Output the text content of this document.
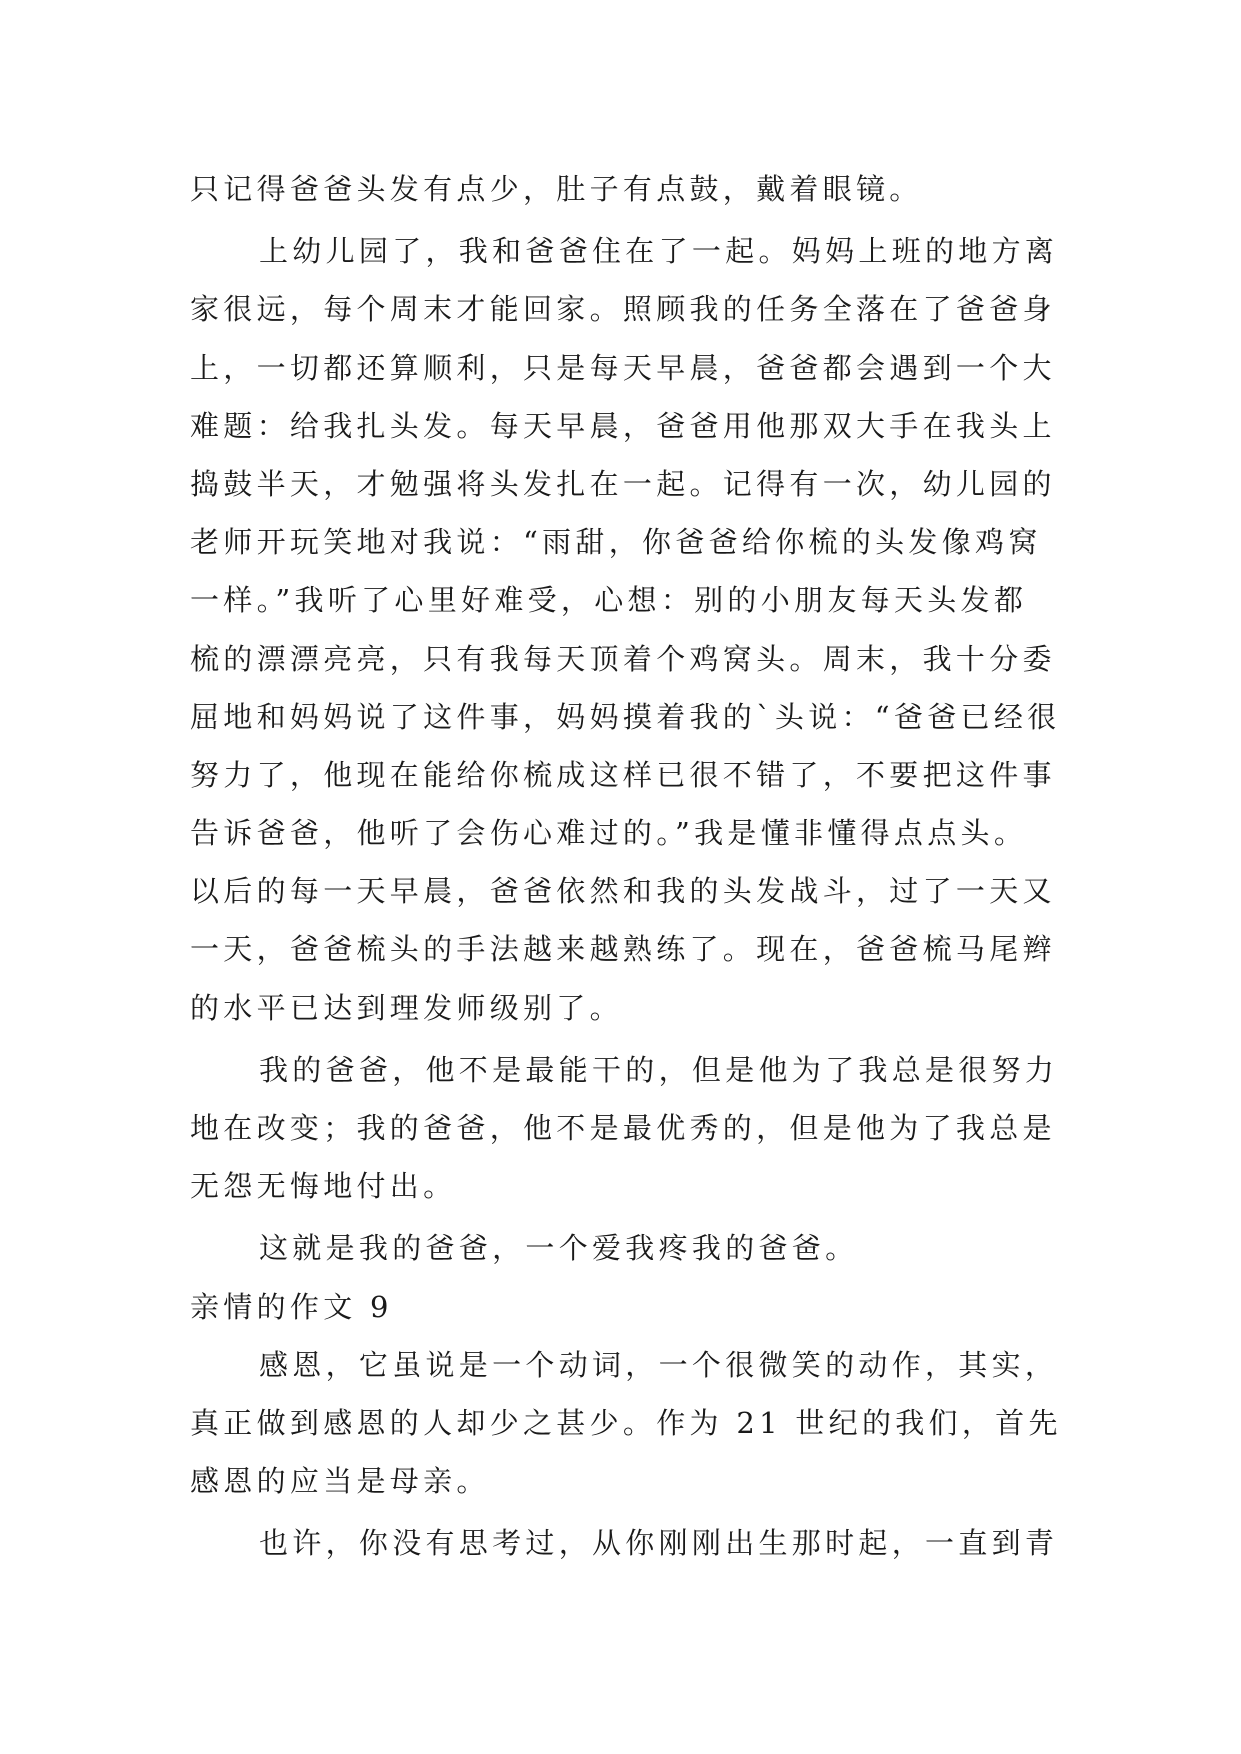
只记得爸爸头发有点少，肚子有点鼓，戴着眼镜。
上幼儿园了，我和爸爸住在了一起。妈妈上班的地方离
家很远，每个周末才能回家。照顾我的任务全落在了爸爸身
上，一切都还算顺利，只是每天早晨，爸爸都会遇到一个大
难题：给我扎头发。每天早晨，爸爸用他那双大手在我头上
捣鼓半天，才勉强将头发扎在一起。记得有一次，幼儿园的
老师开玩笑地对我说：“雨甜，你爸爸给你梳的头发像鸡窝
一样。”我听了心里好难受，心想：别的小朋友每天头发都
梳的漂漂亮亮，只有我每天顶着个鸡窝头。周末，我十分委
屈地和妈妈说了这件事，妈妈摸着我的`头说：“爸爸已经很
努力了，他现在能给你梳成这样已很不错了，不要把这件事
告诉爸爸，他听了会伤心难过的。”我是懂非懂得点点头。
以后的每一天早晨，爸爸依然和我的头发战斗，过了一天又
一天，爸爸梳头的手法越来越熟练了。现在，爸爸梳马尾辫
的水平已达到理发师级别了。
我的爸爸，他不是最能干的，但是他为了我总是很努力
地在改变；我的爸爸，他不是最优秀的，但是他为了我总是
无怨无悔地付出。
这就是我的爸爸，一个爱我疼我的爸爸。
亲情的作文 9
感恩，它虽说是一个动词，一个很微笑的动作，其实，
真正做到感恩的人却少之甚少。作为 21 世纪的我们，首先
感恩的应当是母亲。
也许，你没有思考过，从你刚刚出生那时起，一直到青
